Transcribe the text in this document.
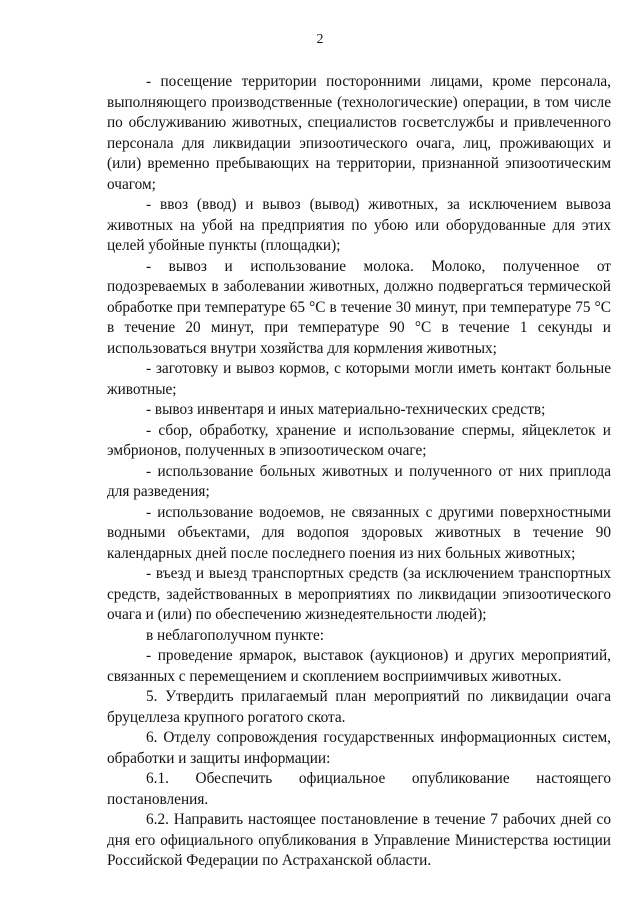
2

- посещение территории посторонними лицами, кроме персонала, выполняющего производственные (технологические) операции, в том числе по обслуживанию животных, специалистов госветслужбы и привлеченного персонала для ликвидации эпизоотического очага, лиц, проживающих и (или) временно пребывающих на территории, признанной эпизоотическим очагом;

- ввоз (ввод) и вывоз (вывод) животных, за исключением вывоза животных на убой на предприятия по убою или оборудованные для этих целей убойные пункты (площадки);

- вывоз и использование молока. Молоко, полученное от подозреваемых в заболевании животных, должно подвергаться термической обработке при температуре 65 °С в течение 30 минут, при температуре 75 °С в течение 20 минут, при температуре 90 °С в течение 1 секунды и использоваться внутри хозяйства для кормления животных;

- заготовку и вывоз кормов, с которыми могли иметь контакт больные животные;

- вывоз инвентаря и иных материально-технических средств;

- сбор, обработку, хранение и использование спермы, яйцеклеток и эмбрионов, полученных в эпизоотическом очаге;

- использование больных животных и полученного от них приплода для разведения;

- использование водоемов, не связанных с другими поверхностными водными объектами, для водопоя здоровых животных в течение 90 календарных дней после последнего поения из них больных животных;

- въезд и выезд транспортных средств (за исключением транспортных средств, задействованных в мероприятиях по ликвидации эпизоотического очага и (или) по обеспечению жизнедеятельности людей);

в неблагополучном пункте:

- проведение ярмарок, выставок (аукционов) и других мероприятий, связанных с перемещением и скоплением восприимчивых животных.

5. Утвердить прилагаемый план мероприятий по ликвидации очага бруцеллеза крупного рогатого скота.

6. Отделу сопровождения государственных информационных систем, обработки и защиты информации:

6.1. Обеспечить официальное опубликование настоящего постановления.

6.2. Направить настоящее постановление в течение 7 рабочих дней со дня его официального опубликования в Управление Министерства юстиции Российской Федерации по Астраханской области.
